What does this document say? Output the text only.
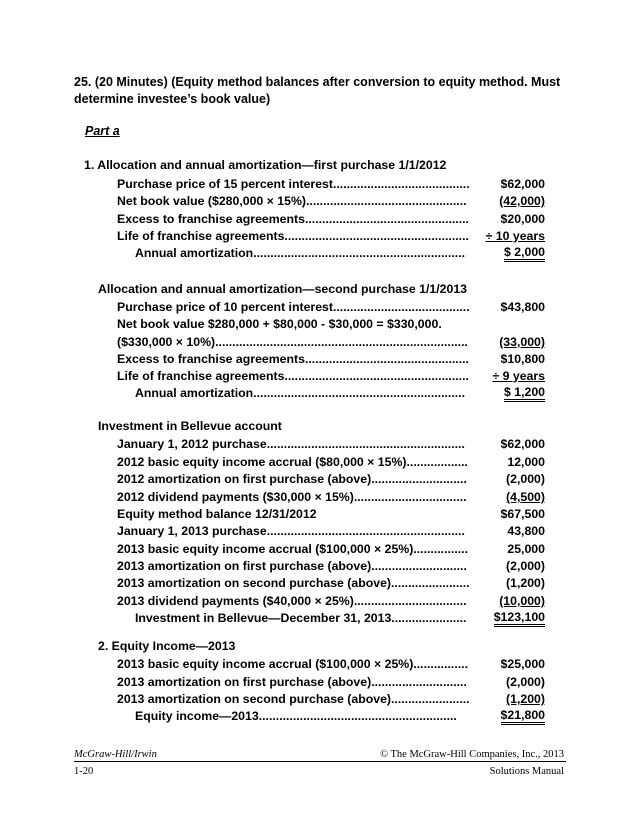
25. (20 Minutes) (Equity method balances after conversion to equity method. Must
determine investee’s book value)
Part a
1. Allocation and annual amortization—first purchase 1/1/2012
Purchase price of 15 percent interest........................................	$62,000
Net book value ($280,000 × 15%)...............................................	(42,000)
Excess to franchise agreements................................................	$20,000
Life of franchise agreements...................................................... ÷ 10 years
Annual amortization..............................................................	$ 2,000
Allocation and annual amortization—second purchase 1/1/2013
Purchase price of 10 percent interest........................................	$43,800
Net book value $280,000 + $80,000 - $30,000 = $330,000.
($330,000 × 10%)..........................................................................	(33,000)
Excess to franchise agreements................................................	$10,800
Life of franchise agreements...................................................... ÷ 9 years
Annual amortization..............................................................	$ 1,200
Investment in Bellevue account
January 1, 2012 purchase..........................................................	$62,000
2012 basic equity income accrual ($80,000 × 15%)..................	12,000
2012 amortization on first purchase (above)............................	(2,000)
2012 dividend payments ($30,000 × 15%).................................	(4,500)
Equity method balance 12/31/2012	$67,500
January 1, 2013 purchase..........................................................	43,800
2013 basic equity income accrual ($100,000 × 25%)................	25,000
2013 amortization on first purchase (above)............................	(2,000)
2013 amortization on second purchase (above).......................	(1,200)
2013 dividend payments ($40,000 × 25%).................................	(10,000)
Investment in Bellevue—December 31, 2013...................... $123,100
2. Equity Income—2013
2013 basic equity income accrual ($100,000 × 25%)................	$25,000
2013 amortization on first purchase (above)............................	(2,000)
2013 amortization on second purchase (above).......................	(1,200)
Equity income—2013..........................................................	$21,800
McGraw-Hill/Irwin	© The McGraw-Hill Companies, Inc., 2013
1-20	Solutions Manual
